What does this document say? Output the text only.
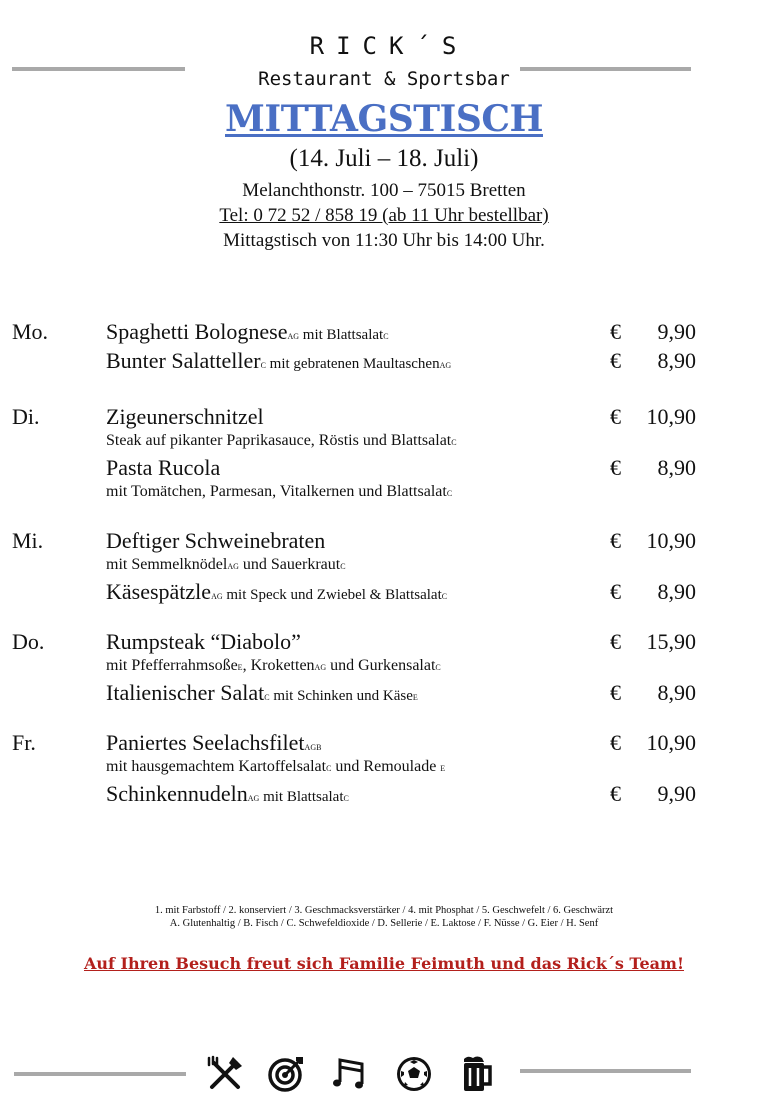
RICK´S
Restaurant & Sportsbar
MITTAGSTISCH
(14. Juli – 18. Juli)
Melanchthonstr. 100 – 75015 Bretten
Tel: 0 72 52 / 858 19 (ab 11 Uhr bestellbar)
Mittagstisch von 11:30 Uhr bis 14:00 Uhr.
Mo.	Spaghetti BologneseAG mit BlattsalatC	€ 9,90
Bunter SalattellerC mit gebratenen MaultaschenAG	€ 8,90
Di.	Zigeunerschnitzel	€ 10,90
Steak auf pikanter Paprikasauce, Röstis und BlattsalatC
Pasta Rucola	€ 8,90
mit Tomätchen, Parmesan, Vitalkernen und BlattsalatC
Mi.	Deftiger Schweinebraten	€ 10,90
mit SemmelknödelAG und SauerkrautC
KäsespätzleAG mit Speck und Zwiebel & BlattsalatC	€ 8,90
Do.	Rumpsteak “Diabolo”	€ 15,90
mit PfefferrahmsoßeE, KrokettenAG und GurkensalatC
Italienischer SalatC mit Schinken und KäseE	€ 8,90
Fr.	Paniertes SeelachsfiletAGB	€ 10,90
mit hausgemachtem KartoffelsalatC und Remoulade E
SchinkennudelnAG mit BlattsalatC	€ 9,90
1. mit Farbstoff / 2. konserviert / 3. Geschmacksverstärker / 4. mit Phosphat / 5. Geschwefelt / 6. Geschwärzt
A. Glutenhaltig / B. Fisch / C. Schwefeldioxide / D. Sellerie / E. Laktose / F. Nüsse / G. Eier / H. Senf
Auf Ihren Besuch freut sich Familie Feimuth und das Rick´s Team!
